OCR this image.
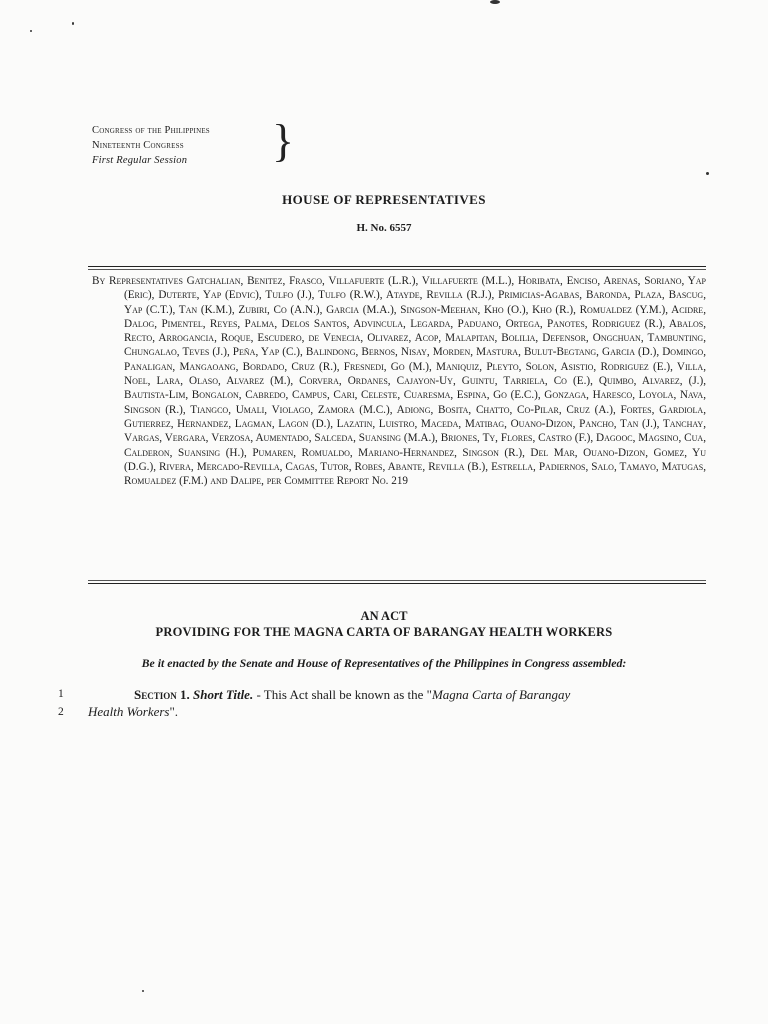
Congress of the Philippines
Nineteenth Congress
First Regular Session	}
HOUSE OF REPRESENTATIVES
H. No. 6557
By Representatives Gatchalian, Benitez, Frasco, Villafuerte (L.R.), Villafuerte (M.L.), Horibata, Enciso, Arenas, Soriano, Yap (Eric), Duterte, Yap (Edvic), Tulfo (J.), Tulfo (R.W.), Atayde, Revilla (R.J.), Primicias-Agabas, Baronda, Plaza, Bascug, Yap (C.T.), Tan (K.M.), Zubiri, Co (A.N.), Garcia (M.A.), Singson-Meehan, Kho (O.), Kho (R.), Romualdez (Y.M.), Acidre, Dalog, Pimentel, Reyes, Palma, Delos Santos, Advincula, Legarda, Paduano, Ortega, Panotes, Rodriguez (R.), Abalos, Recto, Arrogancia, Roque, Escudero, de Venecia, Olivarez, Acop, Malapitan, Bolilia, Defensor, Ongchuan, Tambunting, Chungalao, Teves (J.), Peña, Yap (C.), Balindong, Bernos, Nisay, Morden, Mastura, Bulut-Begtang, Garcia (D.), Domingo, Panaligan, Mangaoang, Bordado, Cruz (R.), Fresnedi, Go (M.), Maniquiz, Pleyto, Solon, Asistio, Rodriguez (E.), Villa, Noel, Lara, Olaso, Alvarez (M.), Corvera, Ordanes, Cajayon-Uy, Guintu, Tarriela, Co (E.), Quimbo, Alvarez, (J.), Bautista-Lim, Bongalon, Cabredo, Campus, Cari, Celeste, Cuaresma, Espina, Go (E.C.), Gonzaga, Haresco, Loyola, Nava, Singson (R.), Tiangco, Umali, Violago, Zamora (M.C.), Adiong, Bosita, Chatto, Co-Pilar, Cruz (A.), Fortes, Gardiola, Gutierrez, Hernandez, Lagman, Lagon (D.), Lazatin, Luistro, Maceda, Matibag, Ouano-Dizon, Pancho, Tan (J.), Tanchay, Vargas, Vergara, Verzosa, Aumentado, Salceda, Suansing (M.A.), Briones, Ty, Flores, Castro (F.), Dagooc, Magsino, Cua, Calderon, Suansing (H.), Pumaren, Romualdo, Mariano-Hernandez, Singson (R.), Del Mar, Ouano-Dizon, Gomez, Yu (D.G.), Rivera, Mercado-Revilla, Cagas, Tutor, Robes, Abante, Revilla (B.), Estrella, Padiernos, Salo, Tamayo, Matugas, Romualdez (F.M.) and Dalipe, per Committee Report No. 219
AN ACT
PROVIDING FOR THE MAGNA CARTA OF BARANGAY HEALTH WORKERS
Be it enacted by the Senate and House of Representatives of the Philippines in Congress assembled:
1
2
Section 1. Short Title. - This Act shall be known as the "Magna Carta of Barangay
Health Workers".
